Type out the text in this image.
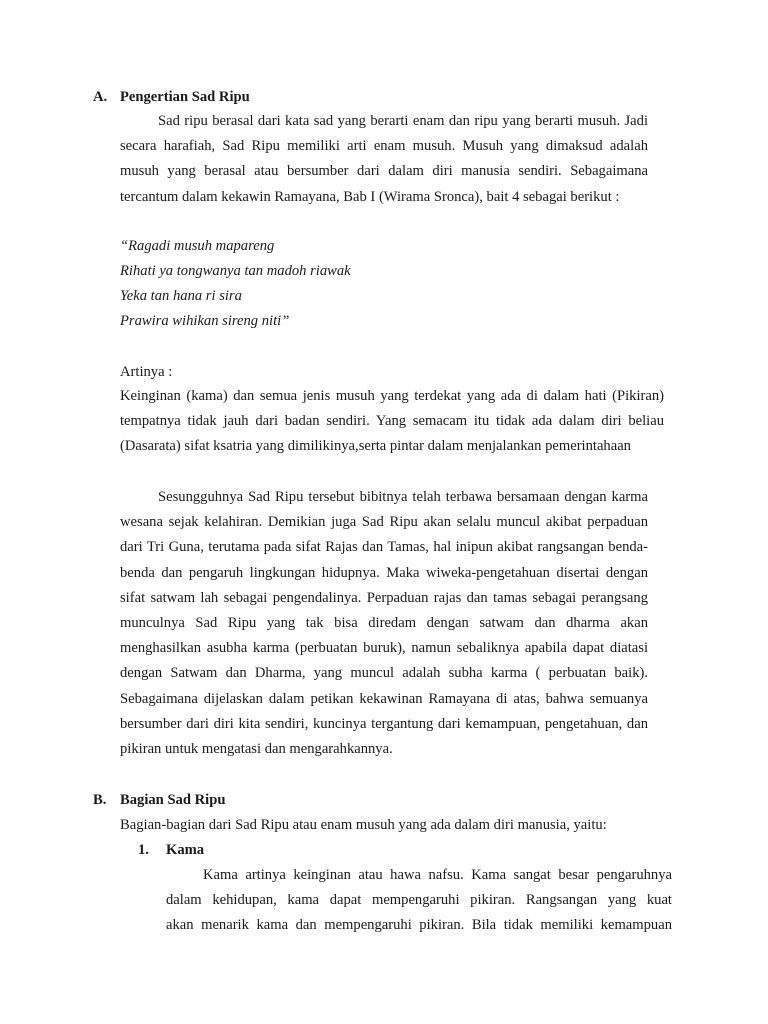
A. Pengertian Sad Ripu
Sad ripu berasal dari kata sad yang berarti enam dan ripu yang berarti musuh. Jadi
secara harafiah, Sad Ripu memiliki arti enam musuh. Musuh yang dimaksud adalah
musuh yang berasal atau bersumber dari dalam diri manusia sendiri. Sebagaimana
tercantum dalam kekawin Ramayana, Bab I (Wirama Sronca), bait 4 sebagai berikut :
“Ragadi musuh mapareng
Rihati ya tongwanya tan madoh riawak
Yeka tan hana ri sira
Prawira wihikan sireng niti”
Artinya :
Keinginan (kama) dan semua jenis musuh yang terdekat yang ada di dalam hati (Pikiran)
tempatnya tidak jauh dari badan sendiri. Yang semacam itu tidak ada dalam diri beliau
(Dasarata) sifat ksatria yang dimilikinya,serta pintar dalam menjalankan pemerintahaan
Sesungguhnya Sad Ripu tersebut bibitnya telah terbawa bersamaan dengan karma
wesana sejak kelahiran. Demikian juga Sad Ripu akan selalu muncul akibat perpaduan
dari Tri Guna, terutama pada sifat Rajas dan Tamas, hal inipun akibat rangsangan benda-
benda dan pengaruh lingkungan hidupnya. Maka wiweka-pengetahuan disertai dengan
sifat satwam lah sebagai pengendalinya. Perpaduan rajas dan tamas sebagai perangsang
munculnya Sad Ripu yang tak bisa diredam dengan satwam dan dharma akan
menghasilkan asubha karma (perbuatan buruk), namun sebaliknya apabila dapat diatasi
dengan Satwam dan Dharma, yang muncul adalah subha karma ( perbuatan baik).
Sebagaimana dijelaskan dalam petikan kekawinan Ramayana di atas, bahwa semuanya
bersumber dari diri kita sendiri, kuncinya tergantung dari kemampuan, pengetahuan, dan
pikiran untuk mengatasi dan mengarahkannya.
B. Bagian Sad Ripu
Bagian-bagian dari Sad Ripu atau enam musuh yang ada dalam diri manusia, yaitu:
1. Kama
Kama artinya keinginan atau hawa nafsu. Kama sangat besar pengaruhnya
dalam kehidupan, kama dapat mempengaruhi pikiran. Rangsangan yang kuat
akan menarik kama dan mempengaruhi pikiran. Bila tidak memiliki kemampuan
